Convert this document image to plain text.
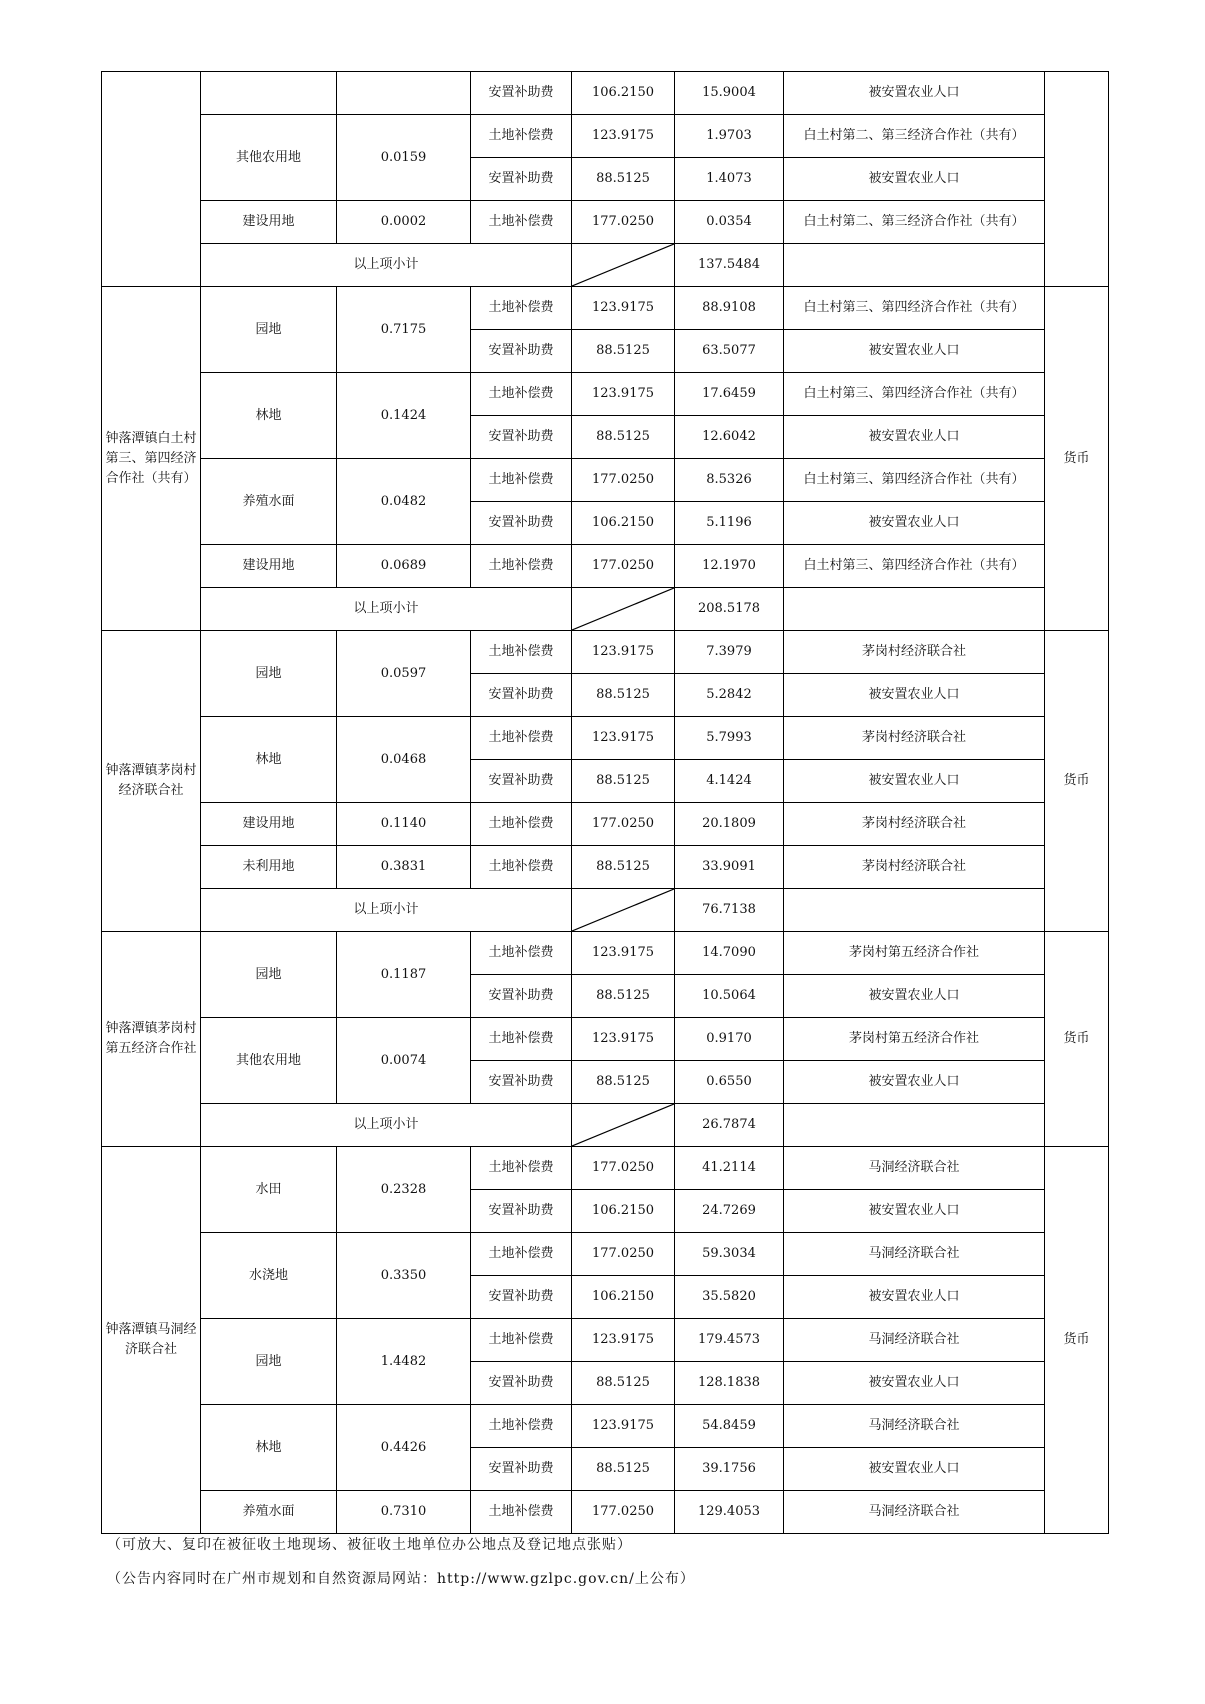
			安置补助费	106.2150	15.9004	被安置农业人口	
	其他农用地	0.0159	土地补偿费	123.9175	1.9703	白土村第二、第三经济合作社（共有）	
			安置补助费	88.5125	1.4073	被安置农业人口	
	建设用地	0.0002	土地补偿费	177.0250	0.0354	白土村第二、第三经济合作社（共有）	
	以上项小计				137.5484		
钟落潭镇白土村第三、第四经济合作社（共有）	园地	0.7175	土地补偿费	123.9175	88.9108	白土村第三、第四经济合作社（共有）	货币
			安置补助费	88.5125	63.5077	被安置农业人口	
	林地	0.1424	土地补偿费	123.9175	17.6459	白土村第三、第四经济合作社（共有）	
			安置补助费	88.5125	12.6042	被安置农业人口	
	养殖水面	0.0482	土地补偿费	177.0250	8.5326	白土村第三、第四经济合作社（共有）	
			安置补助费	106.2150	5.1196	被安置农业人口	
	建设用地	0.0689	土地补偿费	177.0250	12.1970	白土村第三、第四经济合作社（共有）	
	以上项小计				208.5178		
钟落潭镇茅岗村经济联合社	园地	0.0597	土地补偿费	123.9175	7.3979	茅岗村经济联合社	货币
			安置补助费	88.5125	5.2842	被安置农业人口	
	林地	0.0468	土地补偿费	123.9175	5.7993	茅岗村经济联合社	
			安置补助费	88.5125	4.1424	被安置农业人口	
	建设用地	0.1140	土地补偿费	177.0250	20.1809	茅岗村经济联合社	
	未利用地	0.3831	土地补偿费	88.5125	33.9091	茅岗村经济联合社	
	以上项小计				76.7138		
钟落潭镇茅岗村第五经济合作社	园地	0.1187	土地补偿费	123.9175	14.7090	茅岗村第五经济合作社	货币
			安置补助费	88.5125	10.5064	被安置农业人口	
	其他农用地	0.0074	土地补偿费	123.9175	0.9170	茅岗村第五经济合作社	
			安置补助费	88.5125	0.6550	被安置农业人口	
	以上项小计				26.7874		
钟落潭镇马洞经济联合社	水田	0.2328	土地补偿费	177.0250	41.2114	马洞经济联合社	货币
			安置补助费	106.2150	24.7269	被安置农业人口	
	水浇地	0.3350	土地补偿费	177.0250	59.3034	马洞经济联合社	
			安置补助费	106.2150	35.5820	被安置农业人口	
	园地	1.4482	土地补偿费	123.9175	179.4573	马洞经济联合社	
			安置补助费	88.5125	128.1838	被安置农业人口	
	林地	0.4426	土地补偿费	123.9175	54.8459	马洞经济联合社	
			安置补助费	88.5125	39.1756	被安置农业人口	
	养殖水面	0.7310	土地补偿费	177.0250	129.4053	马洞经济联合社	
（可放大、复印在被征收土地现场、被征收土地单位办公地点及登记地点张贴）
（公告内容同时在广州市规划和自然资源局网站：http://www.gzlpc.gov.cn/上公布）
